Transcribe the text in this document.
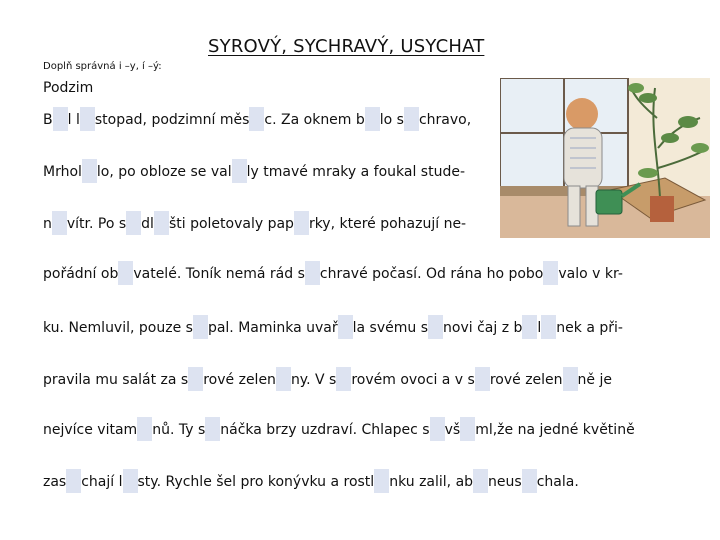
SYROVÝ, SYCHRAVÝ, USYCHAT
Doplň správná i –y, í –ý:
Podzim
B l l stopad, podzimní měs c. Za oknem b lo s chravo,
Mrhol lo, po obloze se val ly tmavé mraky a foukal stude-
n vítr. Po s dl šti poletovaly pap rky, které pohazují ne-
pořádní ob vatelé. Toník nemá rád s chravé počasí. Od rána ho pobo valo v kr-
ku. Nemluvil, pouze s pal. Maminka uvař la svému s novi čaj z b l nek a při-
pravila mu salát za s rové zelen ny. V s rovém ovoci a v s rové zelen ně je
nejvíce vitam nů. Ty s náčka brzy uzdraví. Chlapec s vš ml,že na jedné květině
zas chají l sty. Rychle šel pro konývku a rostl nku zalil, ab neus chala.
